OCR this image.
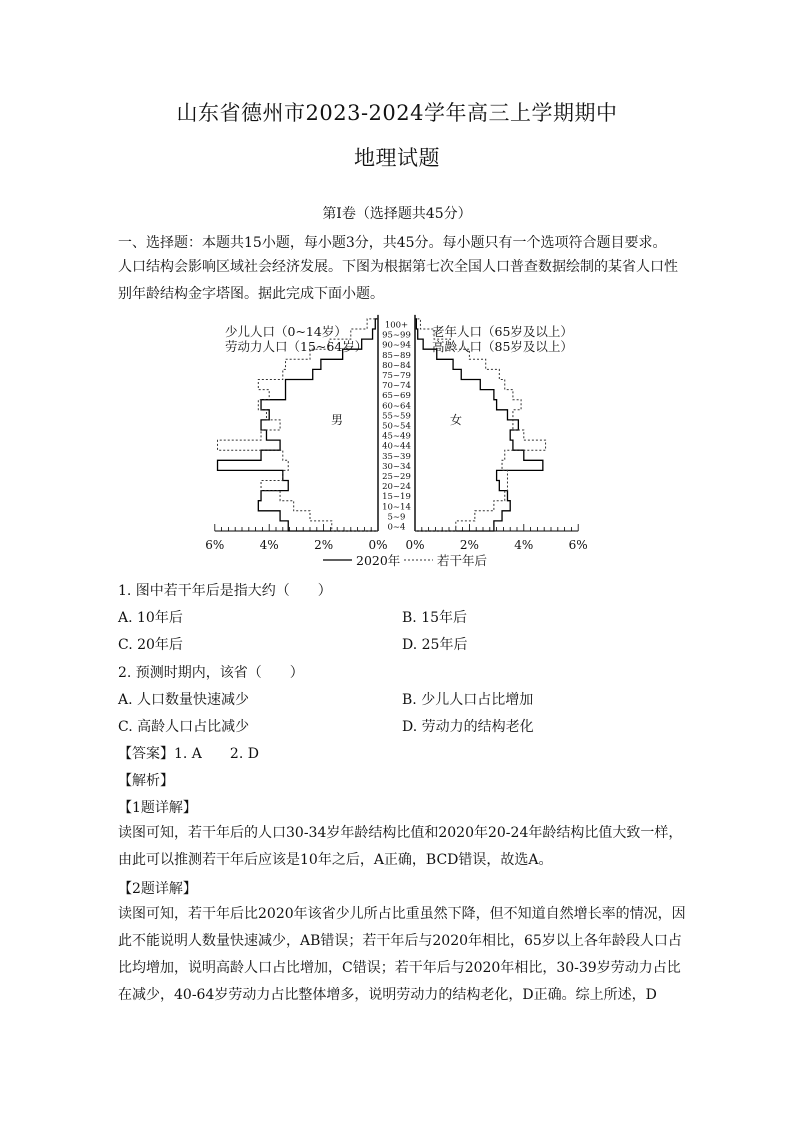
山东省德州市2023-2024学年高三上学期期中
地理试题
第Ⅰ卷（选择题共45分）
一、选择题：本题共15小题，每小题3分，共45分。每小题只有一个选项符合题目要求。
人口结构会影响区域社会经济发展。下图为根据第七次全国人口普查数据绘制的某省人口性别年龄结构金字塔图。据此完成下面小题。
6%	4%	2%	0% 0%	2%	4%	6%
0~4
5~9
10~14
15~19
20~24
25~29
30~34
35~39
40~44
45~49
50~54
55~59
60~64
65~69
70~74
75~79
80~84
85~89
90~94
95~99
100+
少儿人口（0~14岁）
劳动力人口（15~64岁）
老年人口（65岁及以上）
高龄人口（85岁及以上）
男	女
2020年	若干年后
1. 图中若干年后是指大约（　　）
A. 10年后	B. 15年后
C. 20年后	D. 25年后
2. 预测时期内，该省（　　）
A. 人口数量快速减少	B. 少儿人口占比增加
C. 高龄人口占比减少	D. 劳动力的结构老化
【答案】1. A　　2. D
【解析】
【1题详解】
读图可知，若干年后的人口30-34岁年龄结构比值和2020年20-24年龄结构比值大致一样，由此可以推测若干年后应该是10年之后，A正确，BCD错误，故选A。
【2题详解】
读图可知，若干年后比2020年该省少儿所占比重虽然下降，但不知道自然增长率的情况，因此不能说明人数量快速减少，AB错误；若干年后与2020年相比，65岁以上各年龄段人口占比均增加，说明高龄人口占比增加，C错误；若干年后与2020年相比，30-39岁劳动力占比在减少，40-64岁劳动力占比整体增多，说明劳动力的结构老化，D正确。综上所述，D
